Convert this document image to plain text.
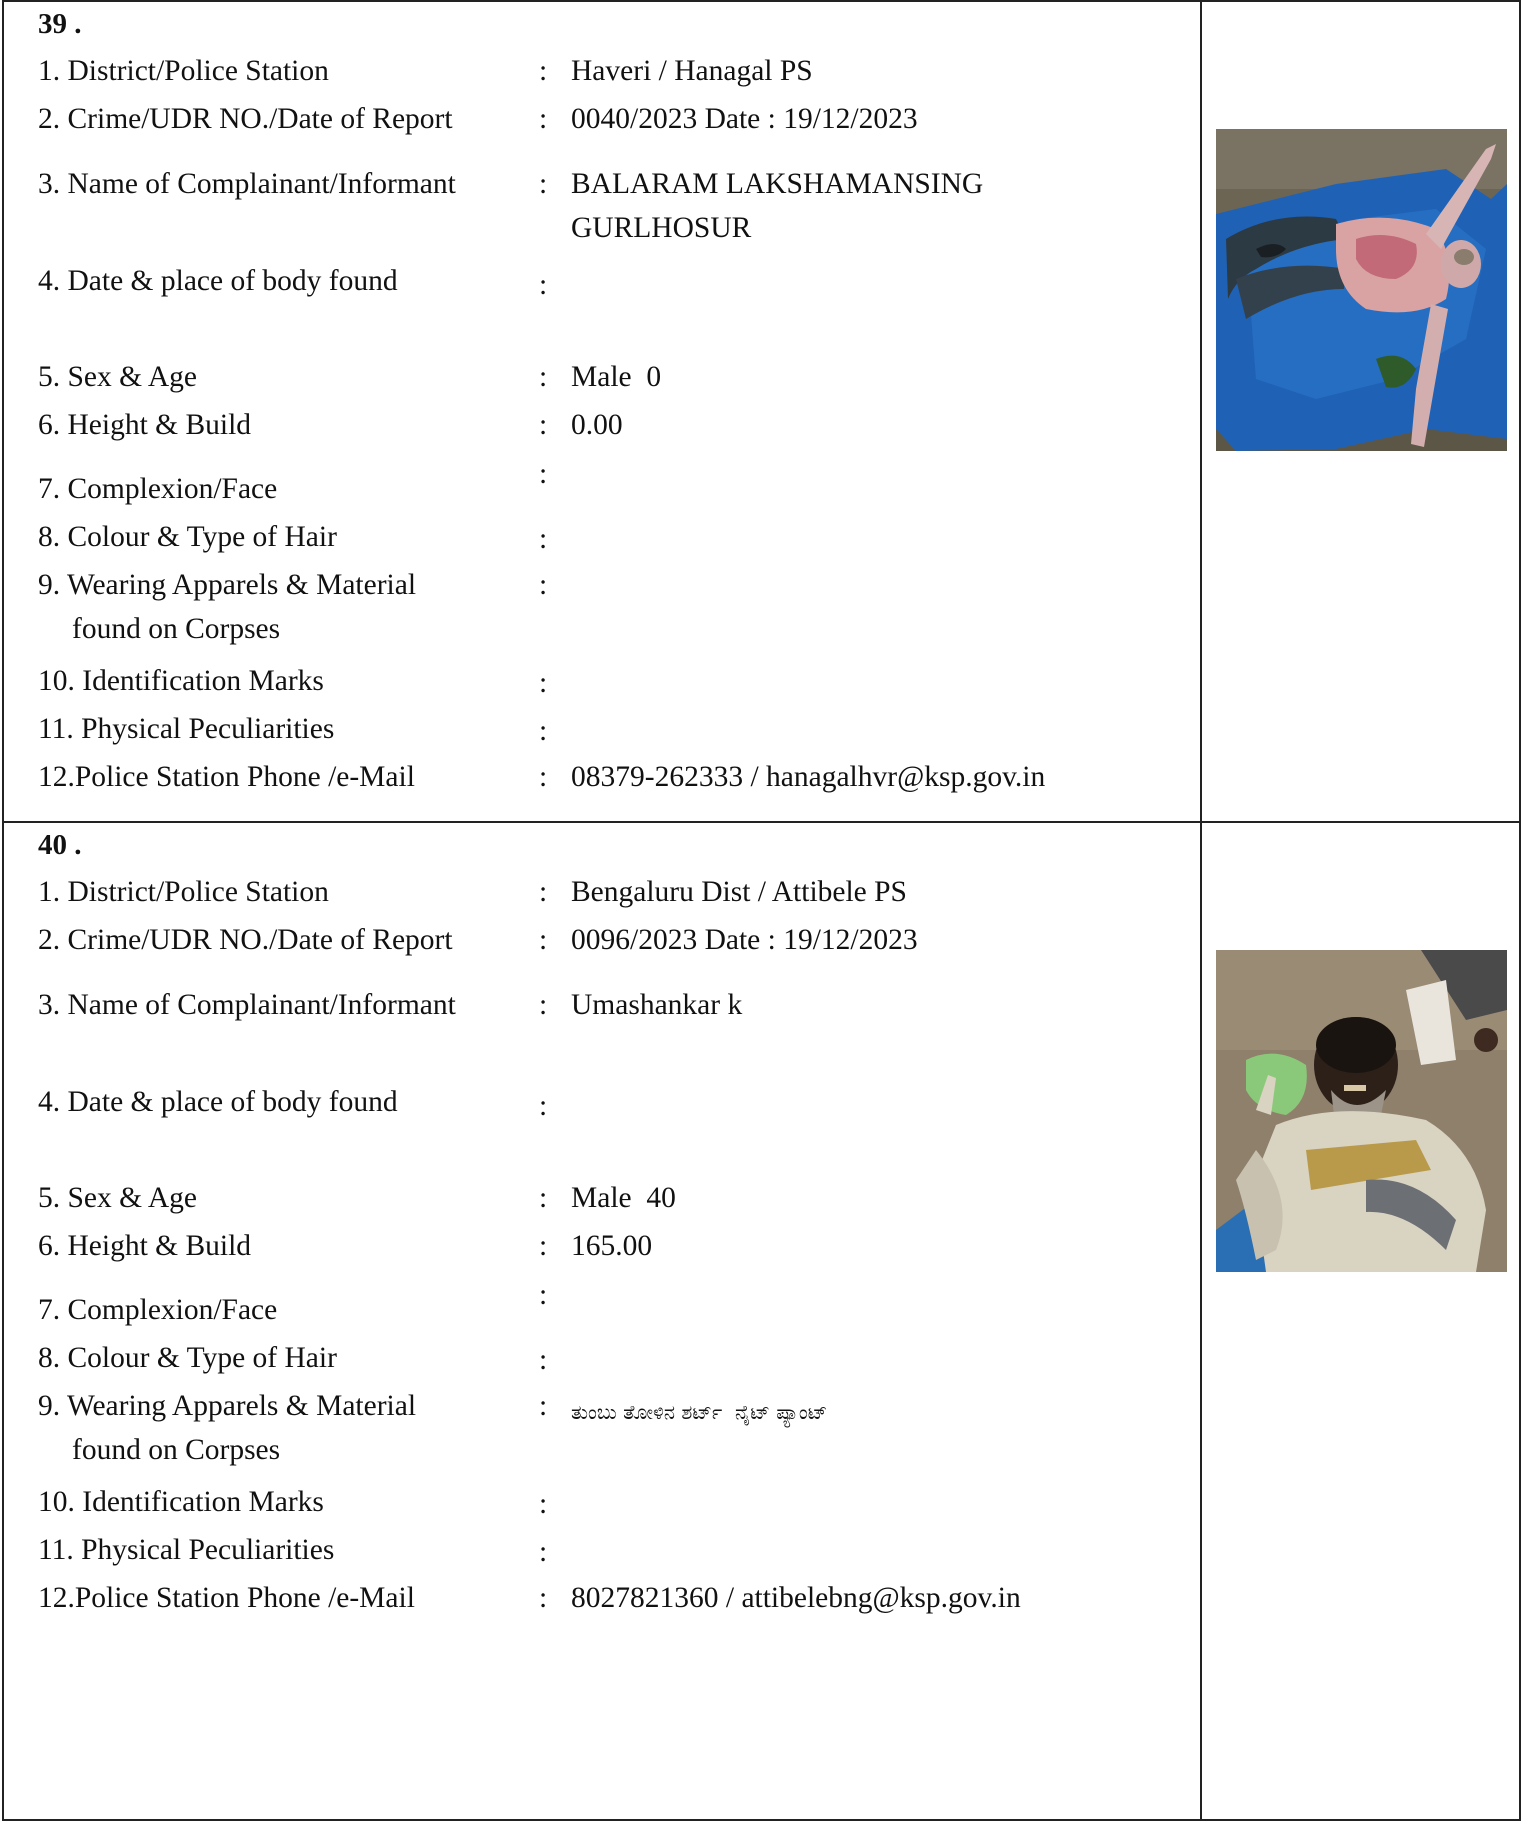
39 .
1. District/Police Station	: Haveri / Hanagal PS
2. Crime/UDR NO./Date of Report	: 0040/2023 Date : 19/12/2023
3. Name of Complainant/Informant	: BALARAM LAKSHAMANSING
GURLHOSUR
4. Date & place of body found	:
5. Sex & Age	: Male  0
6. Height & Build	: 0.00
7. Complexion/Face	:
8. Colour & Type of Hair	:
9. Wearing Apparels & Material
found on Corpses
:
10. Identification Marks	:
11. Physical Peculiarities	:
12.Police Station Phone /e-Mail	: 08379-262333 / hanagalhvr@ksp.gov.in
40 .
1. District/Police Station	: Bengaluru Dist / Attibele PS
2. Crime/UDR NO./Date of Report	: 0096/2023 Date : 19/12/2023
3. Name of Complainant/Informant	: Umashankar k
4. Date & place of body found	:
5. Sex & Age	: Male  40
6. Height & Build	: 165.00
7. Complexion/Face	:
8. Colour & Type of Hair	:
9. Wearing Apparels & Material
found on Corpses
: ತುಂಬು ತೋಳಿನ ಶರ್ಟ್  ನೈಟ್ ಪ್ಯಾಂಟ್
10. Identification Marks	:
11. Physical Peculiarities	:
12.Police Station Phone /e-Mail	: 8027821360 / attibelebng@ksp.gov.in
